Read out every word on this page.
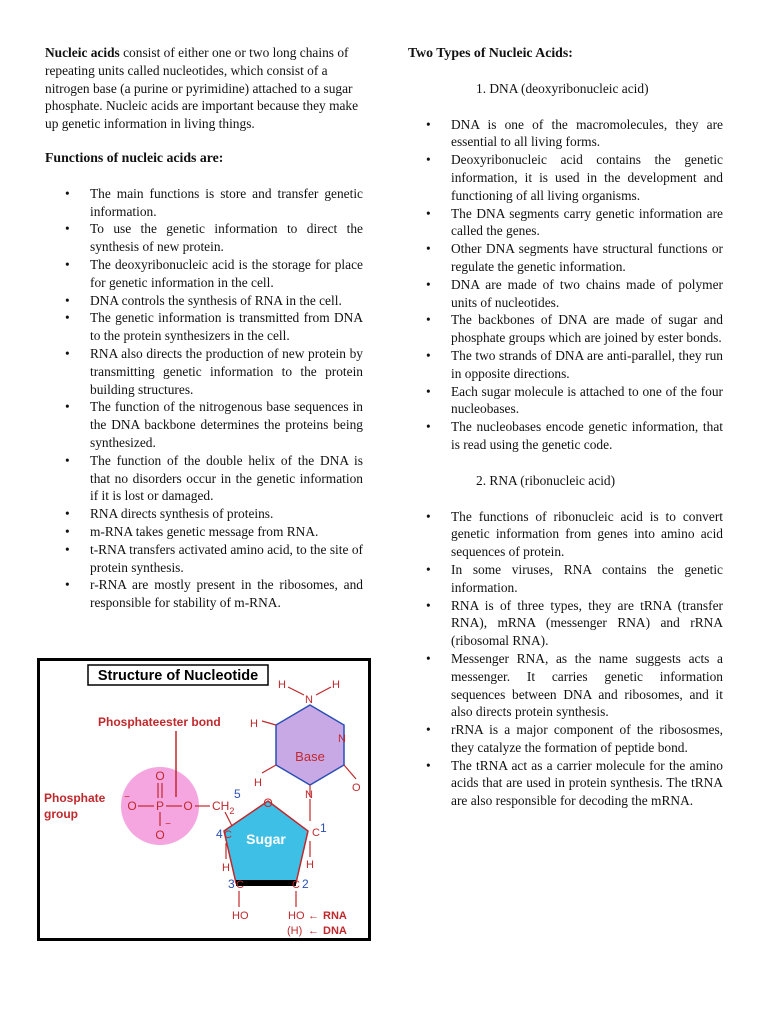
Nucleic acids consist of either one or two long chains of repeating units called nucleotides, which consist of a nitrogen base (a purine or pyrimidine) attached to a sugar phosphate. Nucleic acids are important because they make up genetic information in living things.

Functions of nucleic acids are:

• The main functions is store and transfer genetic information.
• To use the genetic information to direct the synthesis of new protein.
• The deoxyribonucleic acid is the storage for place for genetic information in the cell.
• DNA controls the synthesis of RNA in the cell.
• The genetic information is transmitted from DNA to the protein synthesizers in the cell.
• RNA also directs the production of new protein by transmitting genetic information to the protein building structures.
• The function of the nitrogenous base sequences in the DNA backbone determines the proteins being synthesized.
• The function of the double helix of the DNA is that no disorders occur in the genetic information if it is lost or damaged.
• RNA directs synthesis of proteins.
• m-RNA takes genetic message from RNA.
• t-RNA transfers activated amino acid, to the site of protein synthesis.
• r-RNA are mostly present in the ribosomes, and responsible for stability of m-RNA.

Two Types of Nucleic Acids:

1. DNA (deoxyribonucleic acid)

• DNA is one of the macromolecules, they are essential to all living forms.
• Deoxyribonucleic acid contains the genetic information, it is used in the development and functioning of all living organisms.
• The DNA segments carry genetic information are called the genes.
• Other DNA segments have structural functions or regulate the genetic information.
• DNA are made of two chains made of polymer units of nucleotides.
• The backbones of DNA are made of sugar and phosphate groups which are joined by ester bonds.
• The two strands of DNA are anti-parallel, they run in opposite directions.
• Each sugar molecule is attached to one of the four nucleobases.
• The nucleobases encode genetic information, that is read using the genetic code.

2. RNA (ribonucleic acid)

• The functions of ribonucleic acid is to convert genetic information from genes into amino acid sequences of protein.
• In some viruses, RNA contains the genetic information.
• RNA is of three types, they are tRNA (transfer RNA), mRNA (messenger RNA) and rRNA (ribosomal RNA).
• Messenger RNA, as the name suggests acts a messenger. It carries genetic information sequences between DNA and ribosomes, and it also directs protein synthesis.
• rRNA is a major component of the ribososmes, they catalyze the formation of peptide bond.
• The tRNA act as a carrier molecule for the amino acids that are used in protein synthesis. The tRNA are also responsible for decoding the mRNA.
Structure of Nucleotide
Phosphateester bond
Phosphate
group
O
−
O P O
O
−
$CH_2$
5
O
Sugar C 1
4 C
C
3	C 2
H	H
HO	HO ← RNA
(H) ← DNA
Base
N
N
H	H
N
O
H
H
